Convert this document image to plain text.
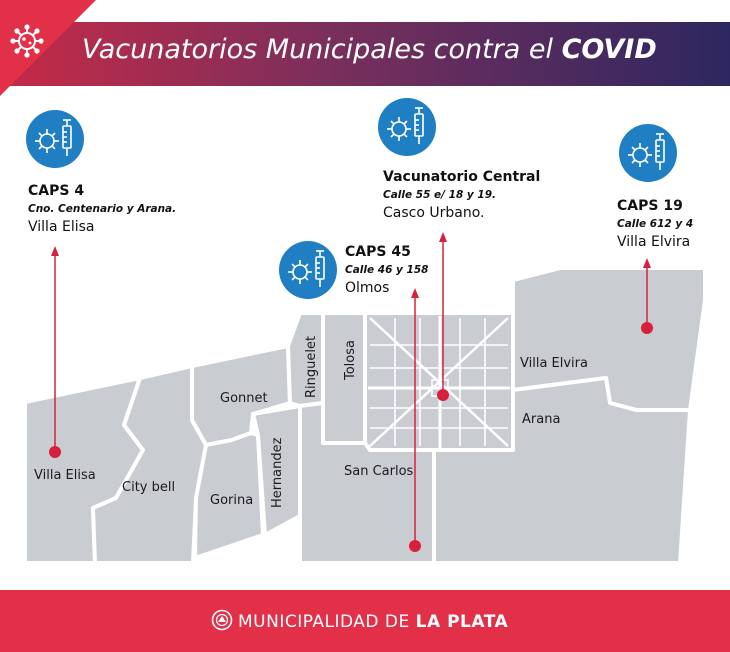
Vacunatorios Municipales contra el COVID
Villa Elisa
City bell
Gonnet
Gorina Hernandez
Ringuelet Tolosa
San Carlos
Villa Elvira
Arana
CAPS 4
Cno. Centenario y Arana.
Villa Elisa
Vacunatorio Central
Calle 55 e/ 18 y 19.
Casco Urbano.
CAPS 45
Calle 46 y 158
Olmos
CAPS 19
Calle 612 y 4
Villa Elvira
MUNICIPALIDAD DE LA PLATA
